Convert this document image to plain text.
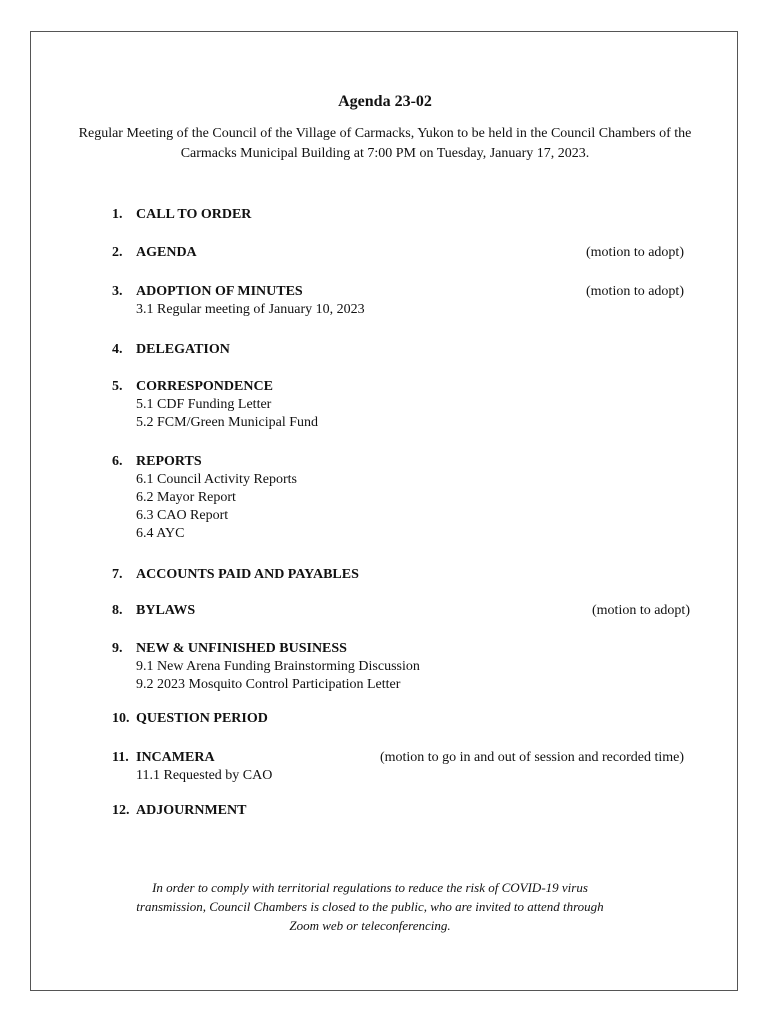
Agenda 23-02
Regular Meeting of the Council of the Village of Carmacks, Yukon to be held in the Council Chambers of the Carmacks Municipal Building at 7:00 PM on Tuesday, January 17, 2023.
1. CALL TO ORDER
2. AGENDA	(motion to adopt)
3. ADOPTION OF MINUTES	(motion to adopt)
3.1 Regular meeting of January 10, 2023
4. DELEGATION
5. CORRESPONDENCE
5.1 CDF Funding Letter
5.2 FCM/Green Municipal Fund
6. REPORTS
6.1 Council Activity Reports
6.2 Mayor Report
6.3 CAO Report
6.4 AYC
7. ACCOUNTS PAID AND PAYABLES
8. BYLAWS	(motion to adopt)
9. NEW & UNFINISHED BUSINESS
9.1 New Arena Funding Brainstorming Discussion
9.2 2023 Mosquito Control Participation Letter
10. QUESTION PERIOD
11. INCAMERA	(motion to go in and out of session and recorded time)
11.1 Requested by CAO
12. ADJOURNMENT
In order to comply with territorial regulations to reduce the risk of COVID-19 virus transmission, Council Chambers is closed to the public, who are invited to attend through Zoom web or teleconferencing.
